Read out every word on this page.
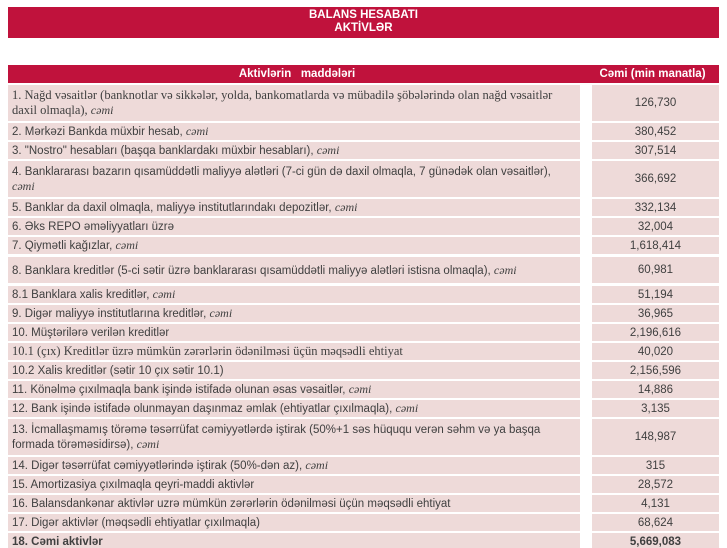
BALANS HESABATI
AKTİVLƏR
Aktivlərin   maddələri	Cəmi (min manatla)
1. Nağd vəsaitlər (banknotlar və sikkələr, yolda, bankomatlarda və mübadilə şöbələrində olan nağd vəsaitlər daxil olmaqla), cəmi	126,730
2. Mərkəzi Bankda müxbir hesab, cəmi	380,452
3. "Nostro" hesabları (başqa banklardakı müxbir hesabları), cəmi	307,514
4. Banklararası bazarın qısamüddətli maliyyə alətləri (7-ci gün də daxil olmaqla, 7 günədək olan vəsaitlər), cəmi	366,692
5. Banklar da daxil olmaqla, maliyyə institutlarındakı depozitlər, cəmi	332,134
6. Əks REPO əməliyyatları üzrə	32,004
7. Qiymətli kağızlar, cəmi	1,618,414
8. Banklara kreditlər (5-ci sətir üzrə banklararası qısamüddətli maliyyə alətləri istisna olmaqla), cəmi	60,981
8.1 Banklara xalis kreditlər, cəmi	51,194
9. Digər maliyyə institutlarına kreditlər, cəmi	36,965
10. Müştərilərə verilən kreditlər	2,196,616
10.1 (çıx) Kreditlər üzrə mümkün zərərlərin ödənilməsi üçün məqsədli ehtiyat	40,020
10.2 Xalis kreditlər (sətir 10 çıx sətir 10.1)	2,156,596
11. Könəlmə çıxılmaqla bank işində istifadə olunan əsas vəsaitlər, cəmi	14,886
12. Bank işində istifadə olunmayan daşınmaz əmlak (ehtiyatlar çıxılmaqla), cəmi	3,135
13. İcmallaşmamış törəmə təsərrüfat cəmiyyətlərdə iştirak (50%+1 səs hüququ verən səhm və ya başqa formada törəməsidirsə), cəmi	148,987
14. Digər təsərrüfat cəmiyyətlərində iştirak (50%-dən az), cəmi	315
15. Amortizasiya çıxılmaqla qeyri-maddi aktivlər	28,572
16. Balansdankənar aktivlər uzrə mümkün zərərlərin ödənilməsi üçün məqsədli ehtiyat	4,131
17. Digər aktivlər (məqsədli ehtiyatlar çıxılmaqla)	68,624
18. Cəmi aktivlər	5,669,083
